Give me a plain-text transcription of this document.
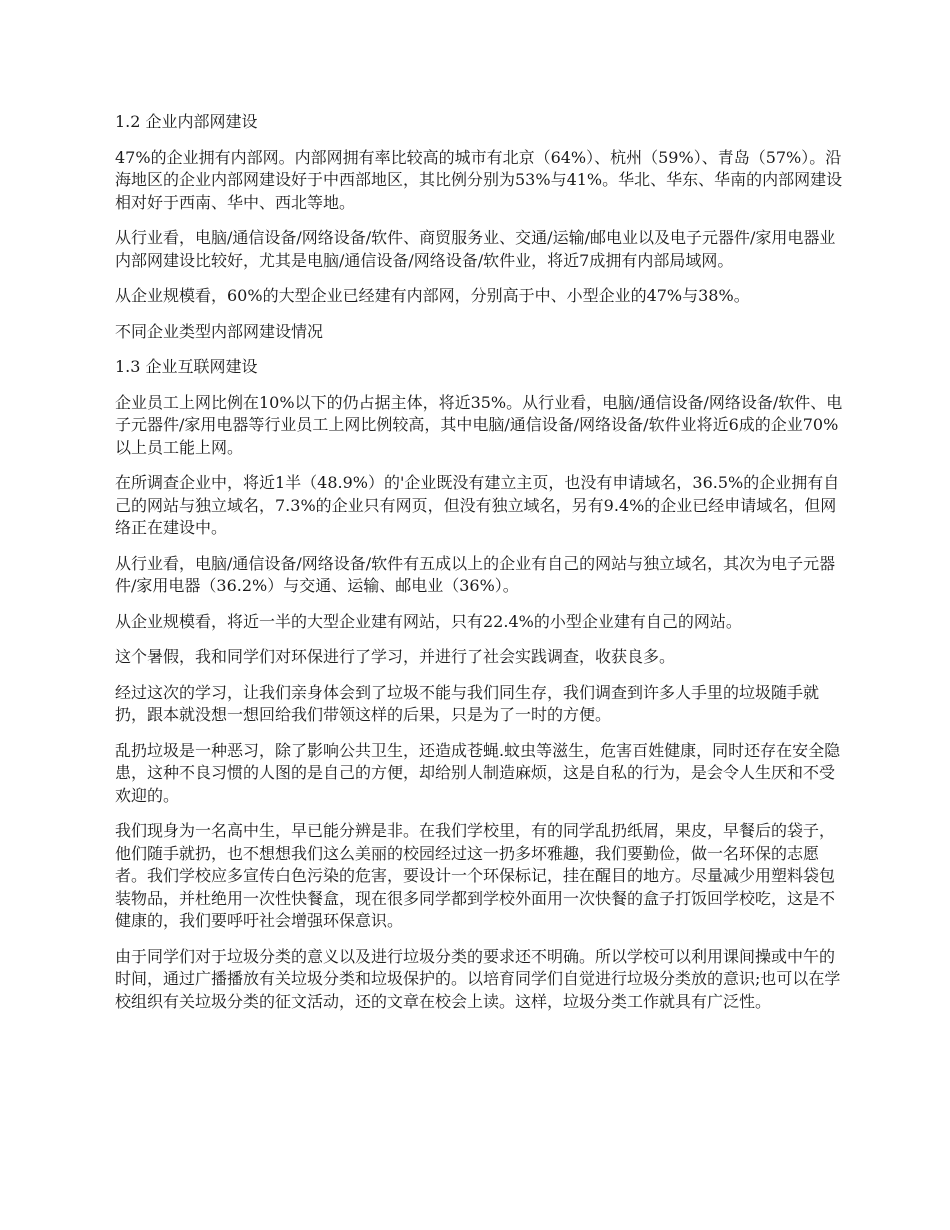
1.2 企业内部网建设

47%的企业拥有内部网。内部网拥有率比较高的城市有北京（64%）、杭州（59%）、青岛（57%）。沿海地区的企业内部网建设好于中西部地区，其比例分别为53%与41%。华北、华东、华南的内部网建设相对好于西南、华中、西北等地。

从行业看，电脑/通信设备/网络设备/软件、商贸服务业、交通/运输/邮电业以及电子元器件/家用电器业内部网建设比较好，尤其是电脑/通信设备/网络设备/软件业，将近7成拥有内部局域网。

从企业规模看，60%的大型企业已经建有内部网，分别高于中、小型企业的47%与38%。

不同企业类型内部网建设情况

1.3 企业互联网建设

企业员工上网比例在10%以下的仍占据主体，将近35%。从行业看，电脑/通信设备/网络设备/软件、电子元器件/家用电器等行业员工上网比例较高，其中电脑/通信设备/网络设备/软件业将近6成的企业70%以上员工能上网。

在所调查企业中，将近1半（48.9%）的'企业既没有建立主页，也没有申请域名，36.5%的企业拥有自己的网站与独立域名，7.3%的企业只有网页，但没有独立域名，另有9.4%的企业已经申请域名，但网络正在建设中。

从行业看，电脑/通信设备/网络设备/软件有五成以上的企业有自己的网站与独立域名，其次为电子元器件/家用电器（36.2%）与交通、运输、邮电业（36%）。

从企业规模看，将近一半的大型企业建有网站，只有22.4%的小型企业建有自己的网站。

这个暑假，我和同学们对环保进行了学习，并进行了社会实践调查，收获良多。

经过这次的学习，让我们亲身体会到了垃圾不能与我们同生存，我们调查到许多人手里的垃圾随手就扔，跟本就没想一想回给我们带领这样的后果，只是为了一时的方便。

乱扔垃圾是一种恶习，除了影响公共卫生，还造成苍蝇.蚊虫等滋生，危害百姓健康，同时还存在安全隐患，这种不良习惯的人图的是自己的方便，却给别人制造麻烦，这是自私的行为，是会令人生厌和不受欢迎的。

我们现身为一名高中生，早已能分辨是非。在我们学校里，有的同学乱扔纸屑，果皮，早餐后的袋子，他们随手就扔，也不想想我们这么美丽的校园经过这一扔多坏雅趣，我们要勤俭，做一名环保的志愿者。我们学校应多宣传白色污染的危害，要设计一个环保标记，挂在醒目的地方。尽量减少用塑料袋包装物品，并杜绝用一次性快餐盒，现在很多同学都到学校外面用一次快餐的盒子打饭回学校吃，这是不健康的，我们要呼吁社会增强环保意识。

由于同学们对于垃圾分类的意义以及进行垃圾分类的要求还不明确。所以学校可以利用课间操或中午的时间，通过广播播放有关垃圾分类和垃圾保护的。以培育同学们自觉进行垃圾分类放的意识;也可以在学校组织有关垃圾分类的征文活动，还的文章在校会上读。这样，垃圾分类工作就具有广泛性。
